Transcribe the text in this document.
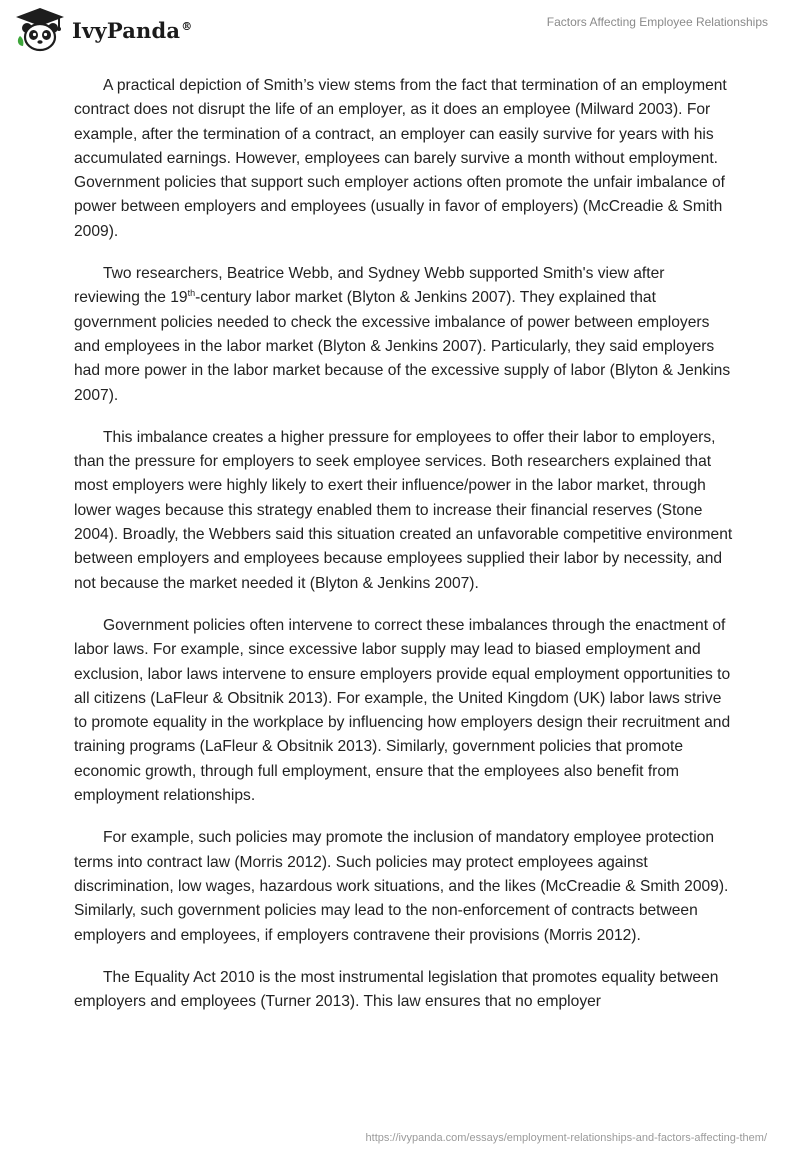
IvyPanda®	Factors Affecting Employee Relationships

A practical depiction of Smith’s view stems from the fact that termination of an employment contract does not disrupt the life of an employer, as it does an employee (Milward 2003). For example, after the termination of a contract, an employer can easily survive for years with his accumulated earnings. However, employees can barely survive a month without employment. Government policies that support such employer actions often promote the unfair imbalance of power between employers and employees (usually in favor of employers) (McCreadie & Smith 2009).

Two researchers, Beatrice Webb, and Sydney Webb supported Smith's view after reviewing the 19th-century labor market (Blyton & Jenkins 2007). They explained that government policies needed to check the excessive imbalance of power between employers and employees in the labor market (Blyton & Jenkins 2007). Particularly, they said employers had more power in the labor market because of the excessive supply of labor (Blyton & Jenkins 2007).

This imbalance creates a higher pressure for employees to offer their labor to employers, than the pressure for employers to seek employee services. Both researchers explained that most employers were highly likely to exert their influence/power in the labor market, through lower wages because this strategy enabled them to increase their financial reserves (Stone 2004). Broadly, the Webbers said this situation created an unfavorable competitive environment between employers and employees because employees supplied their labor by necessity, and not because the market needed it (Blyton & Jenkins 2007).

Government policies often intervene to correct these imbalances through the enactment of labor laws. For example, since excessive labor supply may lead to biased employment and exclusion, labor laws intervene to ensure employers provide equal employment opportunities to all citizens (LaFleur & Obsitnik 2013). For example, the United Kingdom (UK) labor laws strive to promote equality in the workplace by influencing how employers design their recruitment and training programs (LaFleur & Obsitnik 2013). Similarly, government policies that promote economic growth, through full employment, ensure that the employees also benefit from employment relationships.

For example, such policies may promote the inclusion of mandatory employee protection terms into contract law (Morris 2012). Such policies may protect employees against discrimination, low wages, hazardous work situations, and the likes (McCreadie & Smith 2009). Similarly, such government policies may lead to the non-enforcement of contracts between employers and employees, if employers contravene their provisions (Morris 2012).

The Equality Act 2010 is the most instrumental legislation that promotes equality between employers and employees (Turner 2013). This law ensures that no employer

https://ivypanda.com/essays/employment-relationships-and-factors-affecting-them/
